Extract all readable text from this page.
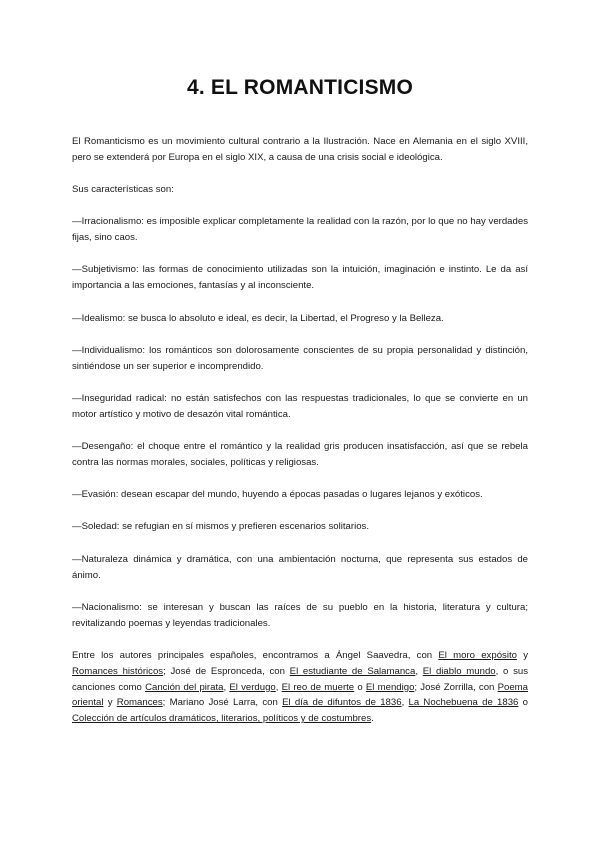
4. EL ROMANTICISMO

El Romanticismo es un movimiento cultural contrario a la Ilustración. Nace en Alemania en el siglo XVIII, pero se extenderá por Europa en el siglo XIX, a causa de una crisis social e ideológica.

Sus características son:

—Irracionalismo: es imposible explicar completamente la realidad con la razón, por lo que no hay verdades fijas, sino caos.

—Subjetivismo: las formas de conocimiento utilizadas son la intuición, imaginación e instinto. Le da así importancia a las emociones, fantasías y al inconsciente.

—Idealismo: se busca lo absoluto e ideal, es decir, la Libertad, el Progreso y la Belleza.

—Individualismo: los románticos son dolorosamente conscientes de su propia personalidad y distinción, sintiéndose un ser superior e incomprendido.

—Inseguridad radical: no están satisfechos con las respuestas tradicionales, lo que se convierte en un motor artístico y motivo de desazón vital romántica.

—Desengaño: el choque entre el romántico y la realidad gris producen insatisfacción, así que se rebela contra las normas morales, sociales, políticas y religiosas.

—Evasión: desean escapar del mundo, huyendo a épocas pasadas o lugares lejanos y exóticos.

—Soledad: se refugian en sí mismos y prefieren escenarios solitarios.

—Naturaleza dinámica y dramática, con una ambientación nocturna, que representa sus estados de ánimo.

—Nacionalismo: se interesan y buscan las raíces de su pueblo en la historia, literatura y cultura; revitalizando poemas y leyendas tradicionales.

Entre los autores principales españoles, encontramos a Ángel Saavedra, con El moro expósito y Romances históricos; José de Espronceda, con El estudiante de Salamanca, El diablo mundo, o sus canciones como Canción del pirata, El verdugo, El reo de muerte o El mendigo; José Zorrilla, con Poema oriental y Romances; Mariano José Larra, con El día de difuntos de 1836, La Nochebuena de 1836 o Colección de artículos dramáticos, literarios, políticos y de costumbres.
